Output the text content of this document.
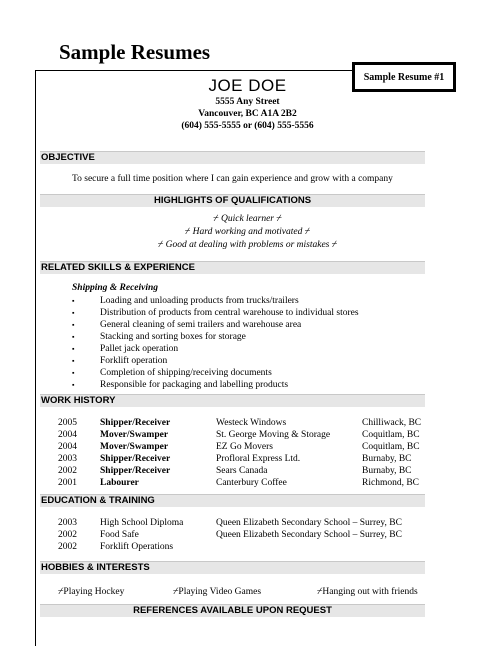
Sample Resumes
Sample Resume #1
JOE DOE
5555 Any Street
Vancouver, BC A1A 2B2
(604) 555-5555 or (604) 555-5556
OBJECTIVE
To secure a full time position where I can gain experience and grow with a company
HIGHLIGHTS OF QUALIFICATIONS
⌿ Quick learner ⌿
⌿ Hard working and motivated ⌿
⌿ Good at dealing with problems or mistakes ⌿
RELATED SKILLS & EXPERIENCE
Shipping & Receiving
▪	Loading and unloading products from trucks/trailers
▪	Distribution of products from central warehouse to individual stores
▪	General cleaning of semi trailers and warehouse area
▪	Stacking and sorting boxes for storage
▪	Pallet jack operation
▪	Forklift operation
▪	Completion of shipping/receiving documents
▪	Responsible for packaging and labelling products
WORK HISTORY
2005 Shipper/Receiver	Westeck Windows	Chilliwack, BC
2004 Mover/Swamper	St. George Moving & Storage	Coquitlam, BC
2004 Mover/Swamper	EZ Go Movers	Coquitlam, BC
2003 Shipper/Receiver	Profloral Express Ltd.	Burnaby, BC
2002 Shipper/Receiver	Sears Canada	Burnaby, BC
2001 Labourer	Canterbury Coffee	Richmond, BC
EDUCATION & TRAINING
2003 High School Diploma	Queen Elizabeth Secondary School – Surrey, BC
2002 Food Safe	Queen Elizabeth Secondary School – Surrey, BC
2002 Forklift Operations
HOBBIES & INTERESTS
⌿Playing Hockey	⌿Playing Video Games	⌿Hanging out with friends
REFERENCES AVAILABLE UPON REQUEST
